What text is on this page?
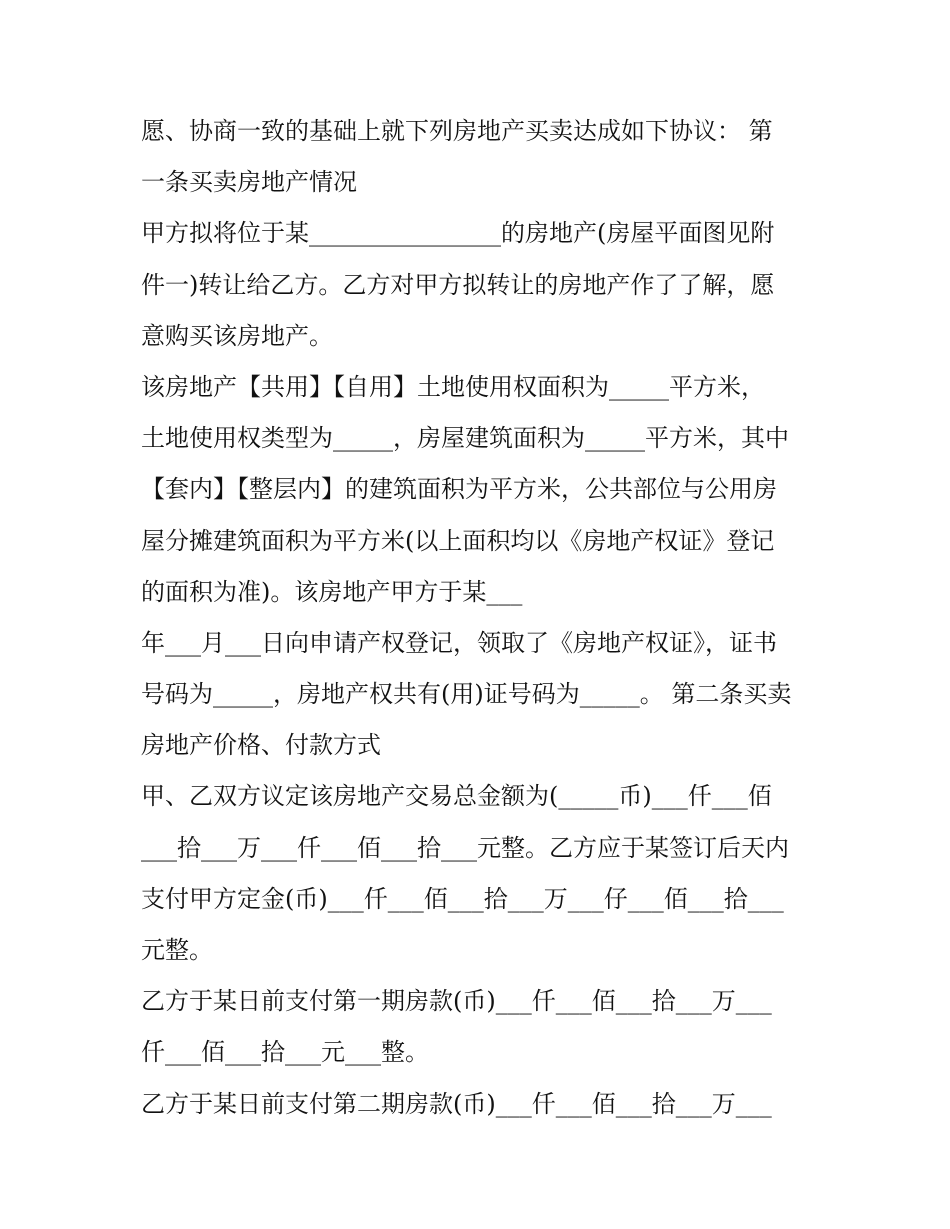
愿、协商一致的基础上就下列房地产买卖达成如下协议： 第
一条买卖房地产情况
甲方拟将位于某________________的房地产(房屋平面图见附
件一)转让给乙方。乙方对甲方拟转让的房地产作了了解，愿
意购买该房地产。
该房地产【共用】【自用】土地使用权面积为_____平方米，
土地使用权类型为_____，房屋建筑面积为_____平方米，其中
【套内】【整层内】的建筑面积为平方米，公共部位与公用房
屋分摊建筑面积为平方米(以上面积均以《房地产权证》登记
的面积为准)。该房地产甲方于某___
年___月___日向申请产权登记，领取了《房地产权证》，证书
号码为_____，房地产权共有(用)证号码为_____。 第二条买卖
房地产价格、付款方式
甲、乙双方议定该房地产交易总金额为(_____币)___仟___佰
___拾___万___仟___佰___拾___元整。乙方应于某签订后天内
支付甲方定金(币)___仟___佰___拾___万___仔___佰___拾___
元整。
乙方于某日前支付第一期房款(币)___仟___佰___拾___万___
仟___佰___拾___元___整。
乙方于某日前支付第二期房款(币)___仟___佰___拾___万___
